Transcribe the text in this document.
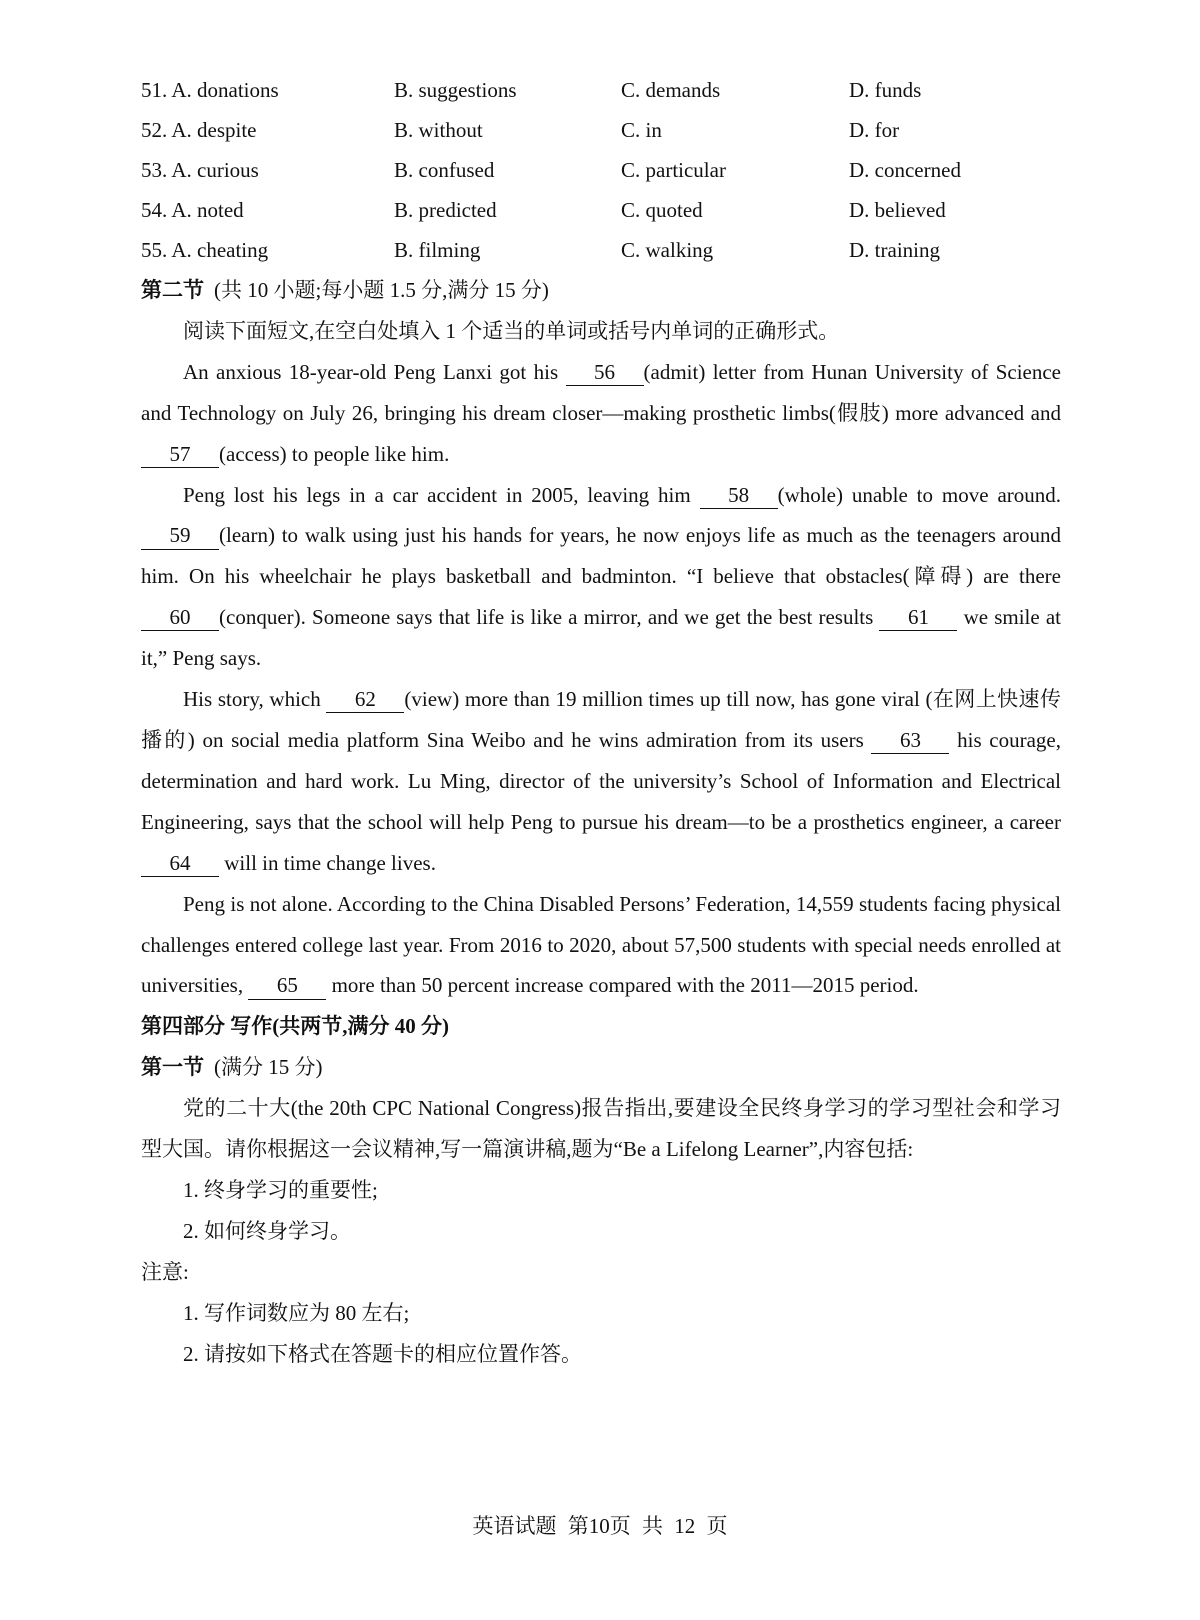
51. A. donations	B. suggestions	C. demands	D. funds
52. A. despite	B. without	C. in	D. for
53. A. curious	B. confused	C. particular	D. concerned
54. A. noted	B. predicted	C. quoted	D. believed
55. A. cheating	B. filming	C. walking	D. training
第二节 (共 10 小题;每小题 1.5 分,满分 15 分)

阅读下面短文,在空白处填入 1 个适当的单词或括号内单词的正确形式。

An anxious 18-year-old Peng Lanxi got his 56 (admit) letter from Hunan University of Science and Technology on July 26, bringing his dream closer—making prosthetic limbs(假肢) more advanced and 57 (access) to people like him.

Peng lost his legs in a car accident in 2005, leaving him 58 (whole) unable to move around. 59 (learn) to walk using just his hands for years, he now enjoys life as much as the teenagers around him. On his wheelchair he plays basketball and badminton. “I believe that obstacles(障碍) are there 60 (conquer). Someone says that life is like a mirror, and we get the best results 61 we smile at it,” Peng says.

His story, which 62 (view) more than 19 million times up till now, has gone viral (在网上快速传播的) on social media platform Sina Weibo and he wins admiration from its users 63 his courage, determination and hard work. Lu Ming, director of the university’s School of Information and Electrical Engineering, says that the school will help Peng to pursue his dream—to be a prosthetics engineer, a career 64 will in time change lives.

Peng is not alone. According to the China Disabled Persons’ Federation, 14,559 students facing physical challenges entered college last year. From 2016 to 2020, about 57,500 students with special needs enrolled at universities, 65 more than 50 percent increase compared with the 2011—2015 period.

第四部分 写作(共两节,满分 40 分)
第一节 (满分 15 分)

党的二十大(the 20th CPC National Congress)报告指出,要建设全民终身学习的学习型社会和学习型大国。请你根据这一会议精神,写一篇演讲稿,题为“Be a Lifelong Learner”,内容包括:

1. 终身学习的重要性;
2. 如何终身学习。
注意:
1. 写作词数应为 80 左右;
2. 请按如下格式在答题卡的相应位置作答。
英语试题 第10页 共 12 页
